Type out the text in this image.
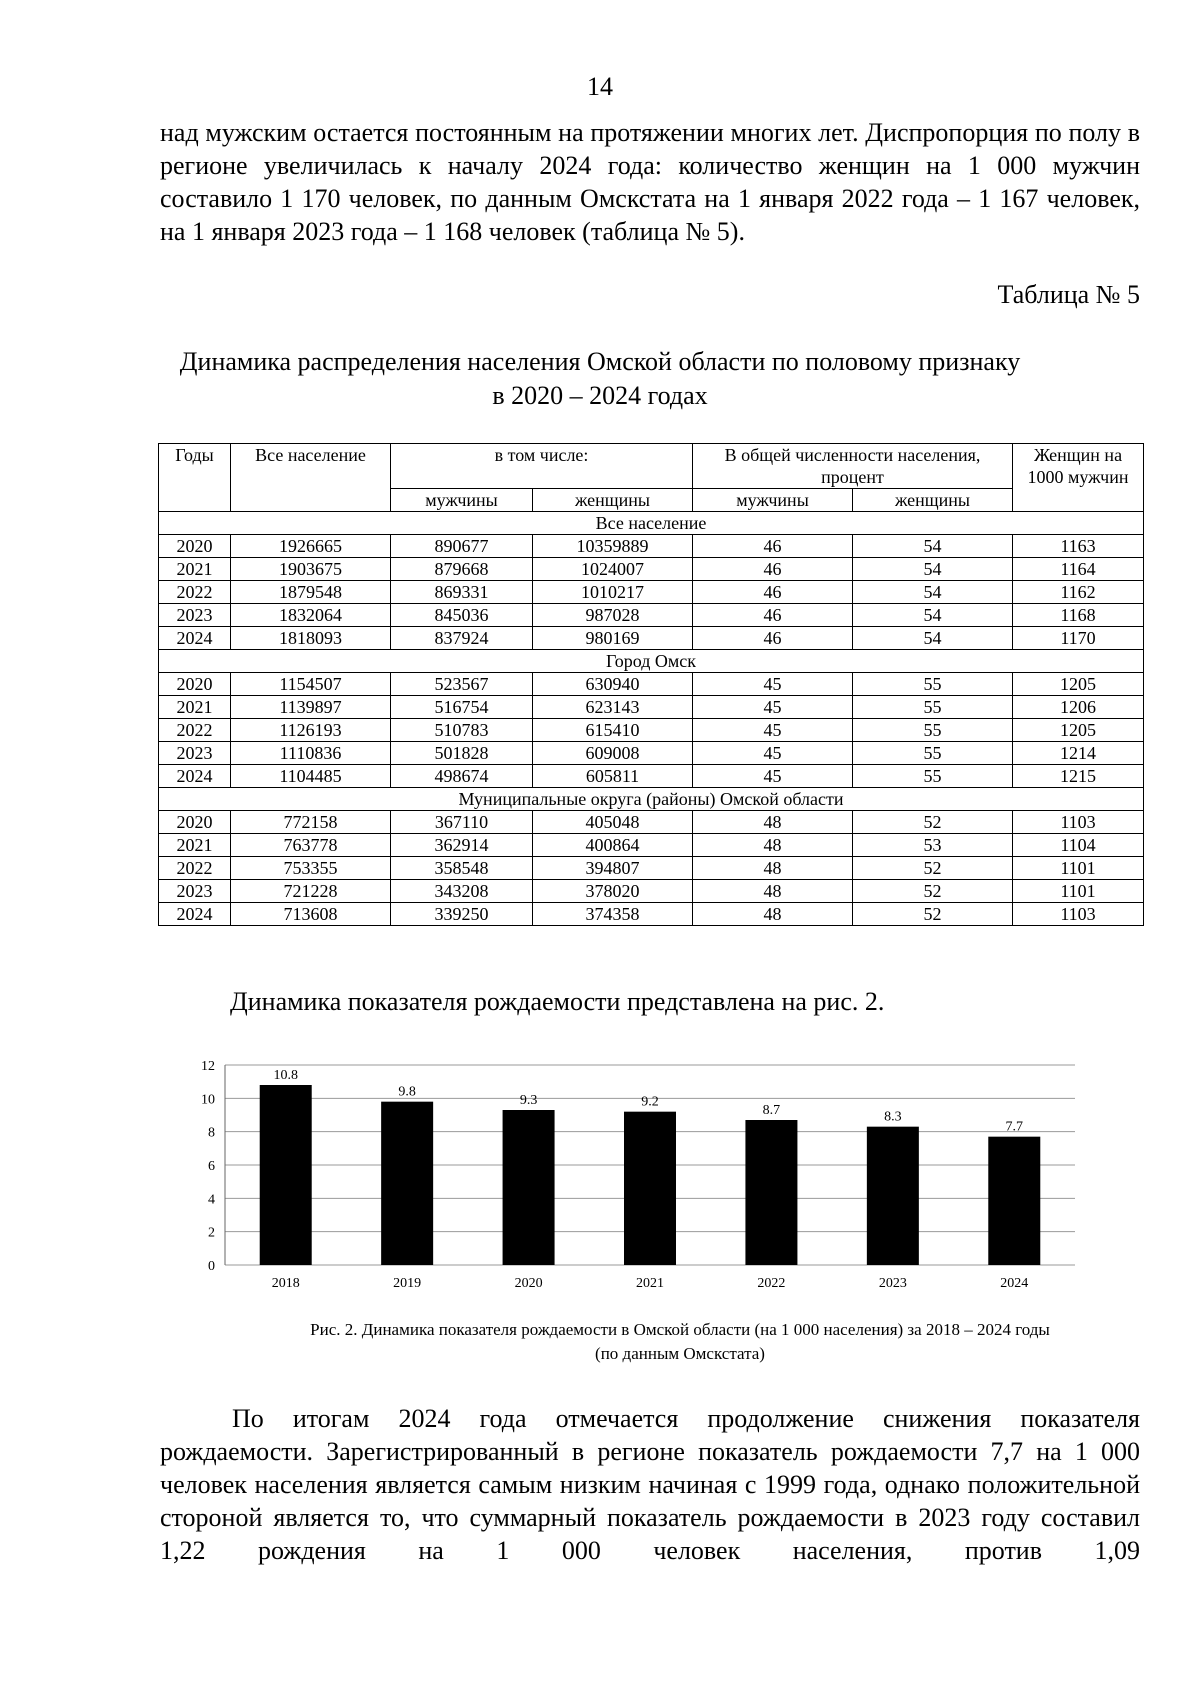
14

над мужским остается постоянным на протяжении многих лет. Диспропорция по полу в регионе увеличилась к началу 2024 года: количество женщин на 1 000 мужчин составило 1 170 человек, по данным Омскстата на 1 января 2022 года – 1 167 человек, на 1 января 2023 года – 1 168 человек (таблица № 5).

Таблица № 5
Динамика распределения населения Омской области по половому признаку
в 2020 – 2024 годах
Годы	Все население	в том числе:		В общей численности населения, процент		Женщин на 1000 мужчин
		мужчины	женщины	мужчины	женщины	
Все население						
2020	1926665	890677	10359889	46	54	1163
2021	1903675	879668	1024007	46	54	1164
2022	1879548	869331	1010217	46	54	1162
2023	1832064	845036	987028	46	54	1168
2024	1818093	837924	980169	46	54	1170
Город Омск						
2020	1154507	523567	630940	45	55	1205
2021	1139897	516754	623143	45	55	1206
2022	1126193	510783	615410	45	55	1205
2023	1110836	501828	609008	45	55	1214
2024	1104485	498674	605811	45	55	1215
Муниципальные округа (районы) Омской области						
2020	772158	367110	405048	48	52	1103
2021	763778	362914	400864	48	53	1104
2022	753355	358548	394807	48	52	1101
2023	721228	343208	378020	48	52	1101
2024	713608	339250	374358	48	52	1103
Динамика показателя рождаемости представлена на рис. 2.
0
2
4
6
8
10
12
10.8
2018
9.8
2019
9.3
2020
9.2
2021
8.7
2022
8.3
2023
7.7
2024
Рис. 2. Динамика показателя рождаемости в Омской области (на 1 000 населения) за 2018 – 2024 годы
(по данным Омскстата)

По итогам 2024 года отмечается продолжение снижения показателя рождаемости. Зарегистрированный в регионе показатель рождаемости 7,7 на 1 000 человек населения является самым низким начиная с 1999 года, однако положительной стороной является то, что суммарный показатель рождаемости в 2023 году составил 1,22 рождения на 1 000 человек населения, против 1,09
